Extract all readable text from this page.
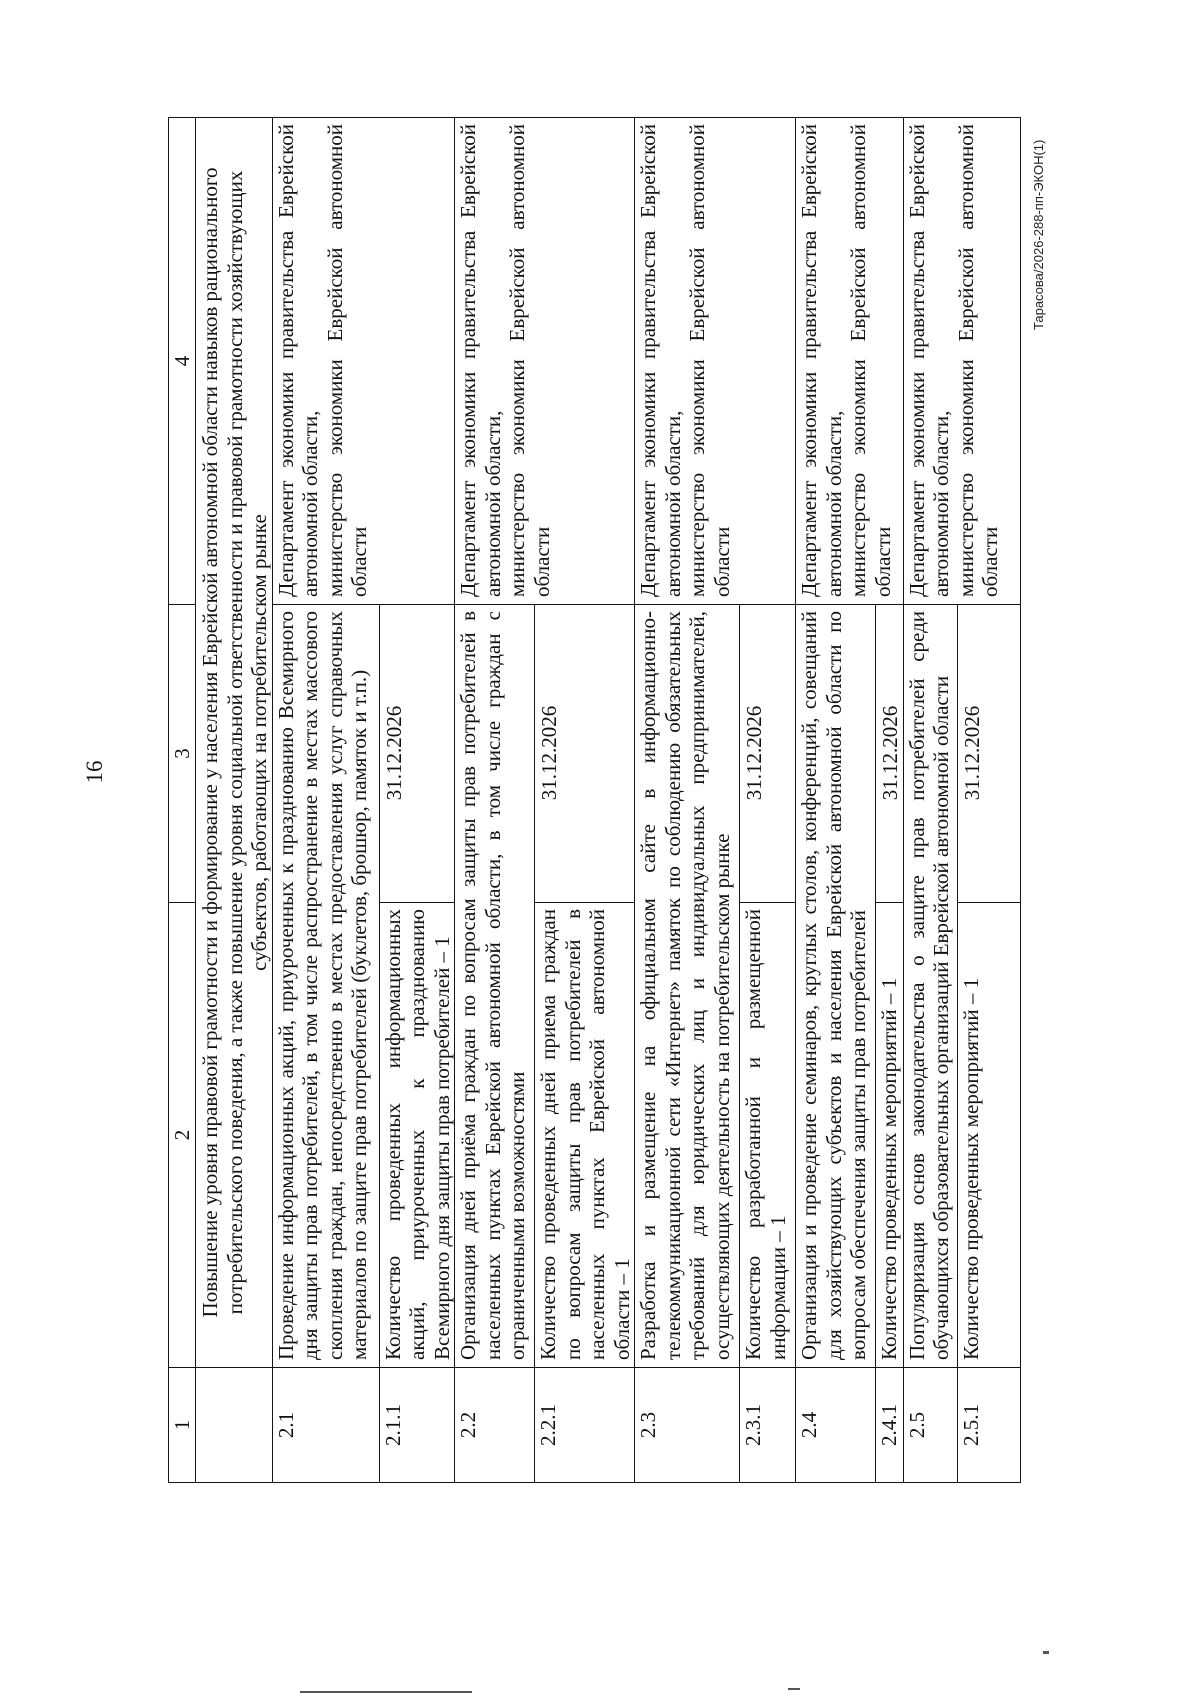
16
1	2	3	4
	Повышение уровня правовой грамотности и формирование у населения Еврейской автономной области навыков рационального потребительского поведения, а также повышение уровня социальной ответственности и правовой грамотности хозяйствующих субъектов, работающих на потребительском рынке		
2.1	Проведение информационных акций, приуроченных к празднованию Всемирного дня защиты прав потребителей, в том числе распространение в местах массового скопления граждан, непосредственно в местах предоставления услуг справочных материалов по защите прав потребителей (буклетов, брошюр, памяток и т.п.)		Департамент экономики правительства Еврейской автономной области, министерство экономики Еврейской автономной области

2.1.1	Количество проведенных информационных акций, приуроченных к празднованию Всемирного дня защиты прав потребителей – 1	31.12.2026	
2.2	Организация дней приёма граждан по вопросам защиты прав потребителей в населенных пунктах Еврейской автономной области, в том числе граждан с ограниченными возможностями		Департамент экономики правительства Еврейской автономной области, министерство экономики Еврейской автономной области

2.2.1	Количество проведенных дней приема граждан по вопросам защиты прав потребителей в населенных пунктах Еврейской автономной области – 1	31.12.2026	
2.3	Разработка и размещение на официальном сайте в информационно-телекоммуникационной сети «Интернет» памяток по соблюдению обязательных требований для юридических лиц и индивидуальных предпринимателей, осуществляющих деятельность на потребительском рынке		Департамент экономики правительства Еврейской автономной области, министерство экономики Еврейской автономной области

2.3.1	Количество разработанной и размещенной информации – 1	31.12.2026	
2.4	Организация и проведение семинаров, круглых столов, конференций, совещаний для хозяйствующих субъектов и населения Еврейской автономной области по вопросам обеспечения защиты прав потребителей		Департамент экономики правительства Еврейской автономной области, министерство экономики Еврейской автономной области

2.4.1	Количество проведенных мероприятий – 1	31.12.2026	
2.5	Популяризация основ законодательства о защите прав потребителей среди обучающихся образовательных организаций Еврейской автономной области		Департамент экономики правительства Еврейской автономной области, министерство экономики Еврейской автономной области

2.5.1	Количество проведенных мероприятий – 1	31.12.2026	
Тарасова/2026-288-пп-ЭКОН(1)
